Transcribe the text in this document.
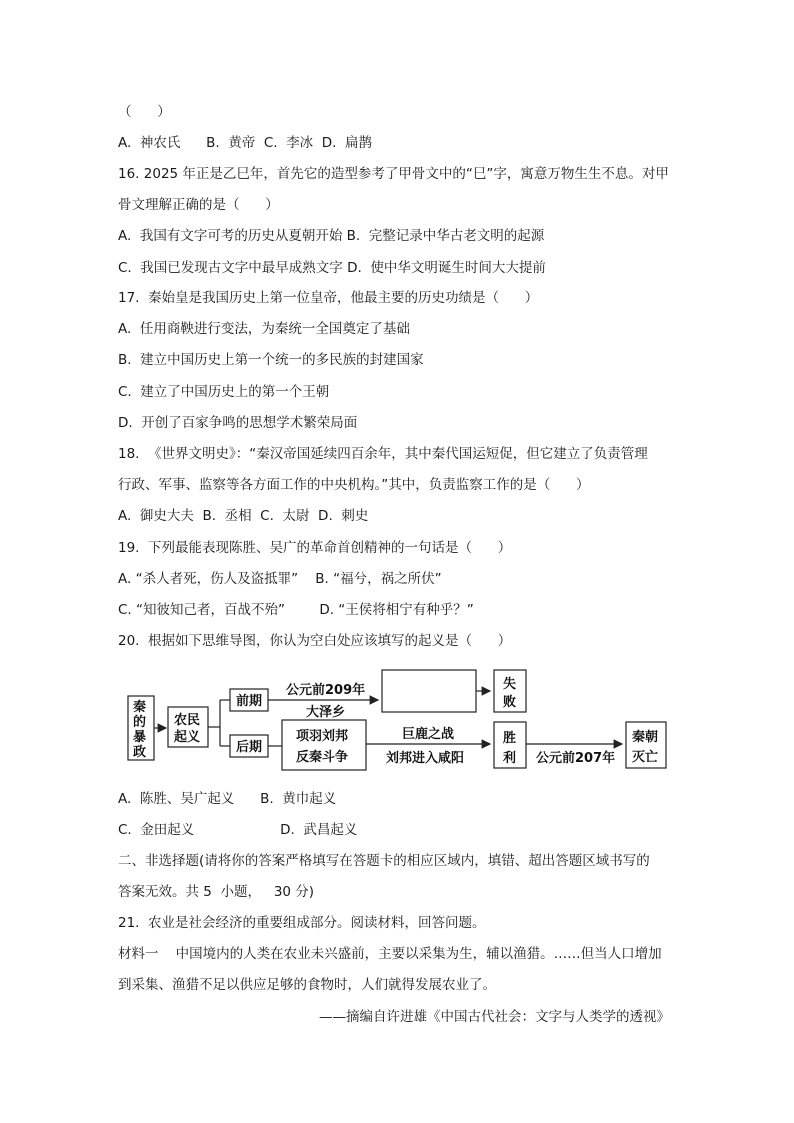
（      ）
A.  神农氏      B.  黄帝  C.  李冰  D.  扁鹊
16. 2025 年正是乙巳年，首先它的造型参考了甲骨文中的“巳”字，寓意万物生生不息。对甲
骨文理解正确的是（      ）
A.  我国有文字可考的历史从夏朝开始 B.  完整记录中华古老文明的起源
C.  我国已发现古文字中最早成熟文字 D.  使中华文明诞生时间大大提前
17.  秦始皇是我国历史上第一位皇帝，他最主要的历史功绩是（      ）
A.  任用商鞅进行变法，为秦统一全国奠定了基础
B.  建立中国历史上第一个统一的多民族的封建国家
C.  建立了中国历史上的第一个王朝
D.  开创了百家争鸣的思想学术繁荣局面
18.  《世界文明史》：“秦汉帝国延续四百余年，其中秦代国运短促，但它建立了负责管理
行政、军事、监察等各方面工作的中央机构。”其中，负责监察工作的是（      ）
A.  御史大夫  B.  丞相  C.  太尉  D.  刺史
19.  下列最能表现陈胜、吴广的革命首创精神的一句话是（      ）
A. “杀人者死，伤人及盗抵罪”    B. “福兮，祸之所伏”
C. “知彼知己者，百战不殆”        D. “王侯将相宁有种乎？”
20.  根据如下思维导图，你认为空白处应该填写的起义是（      ）
秦
的
暴
政
农民
起义
前期
公元前209年
大泽乡
失
败
后期
项羽刘邦
反秦斗争
巨鹿之战
刘邦进入咸阳
胜
利 公元前207年
秦朝
灭亡
A.  陈胜、吴广起义      B.  黄巾起义
C.  金田起义                    D.  武昌起义
二、非选择题(请将你的答案严格填写在答题卡的相应区域内，填错、超出答题区域书写的
答案无效。共 5  小题，   30 分)
21.  农业是社会经济的重要组成部分。阅读材料，回答问题。
材料一    中国境内的人类在农业未兴盛前，主要以采集为生，辅以渔猎。……但当人口增加
到采集、渔猎不足以供应足够的食物时，人们就得发展农业了。
——摘编自许进雄《中国古代社会：文字与人类学的透视》
